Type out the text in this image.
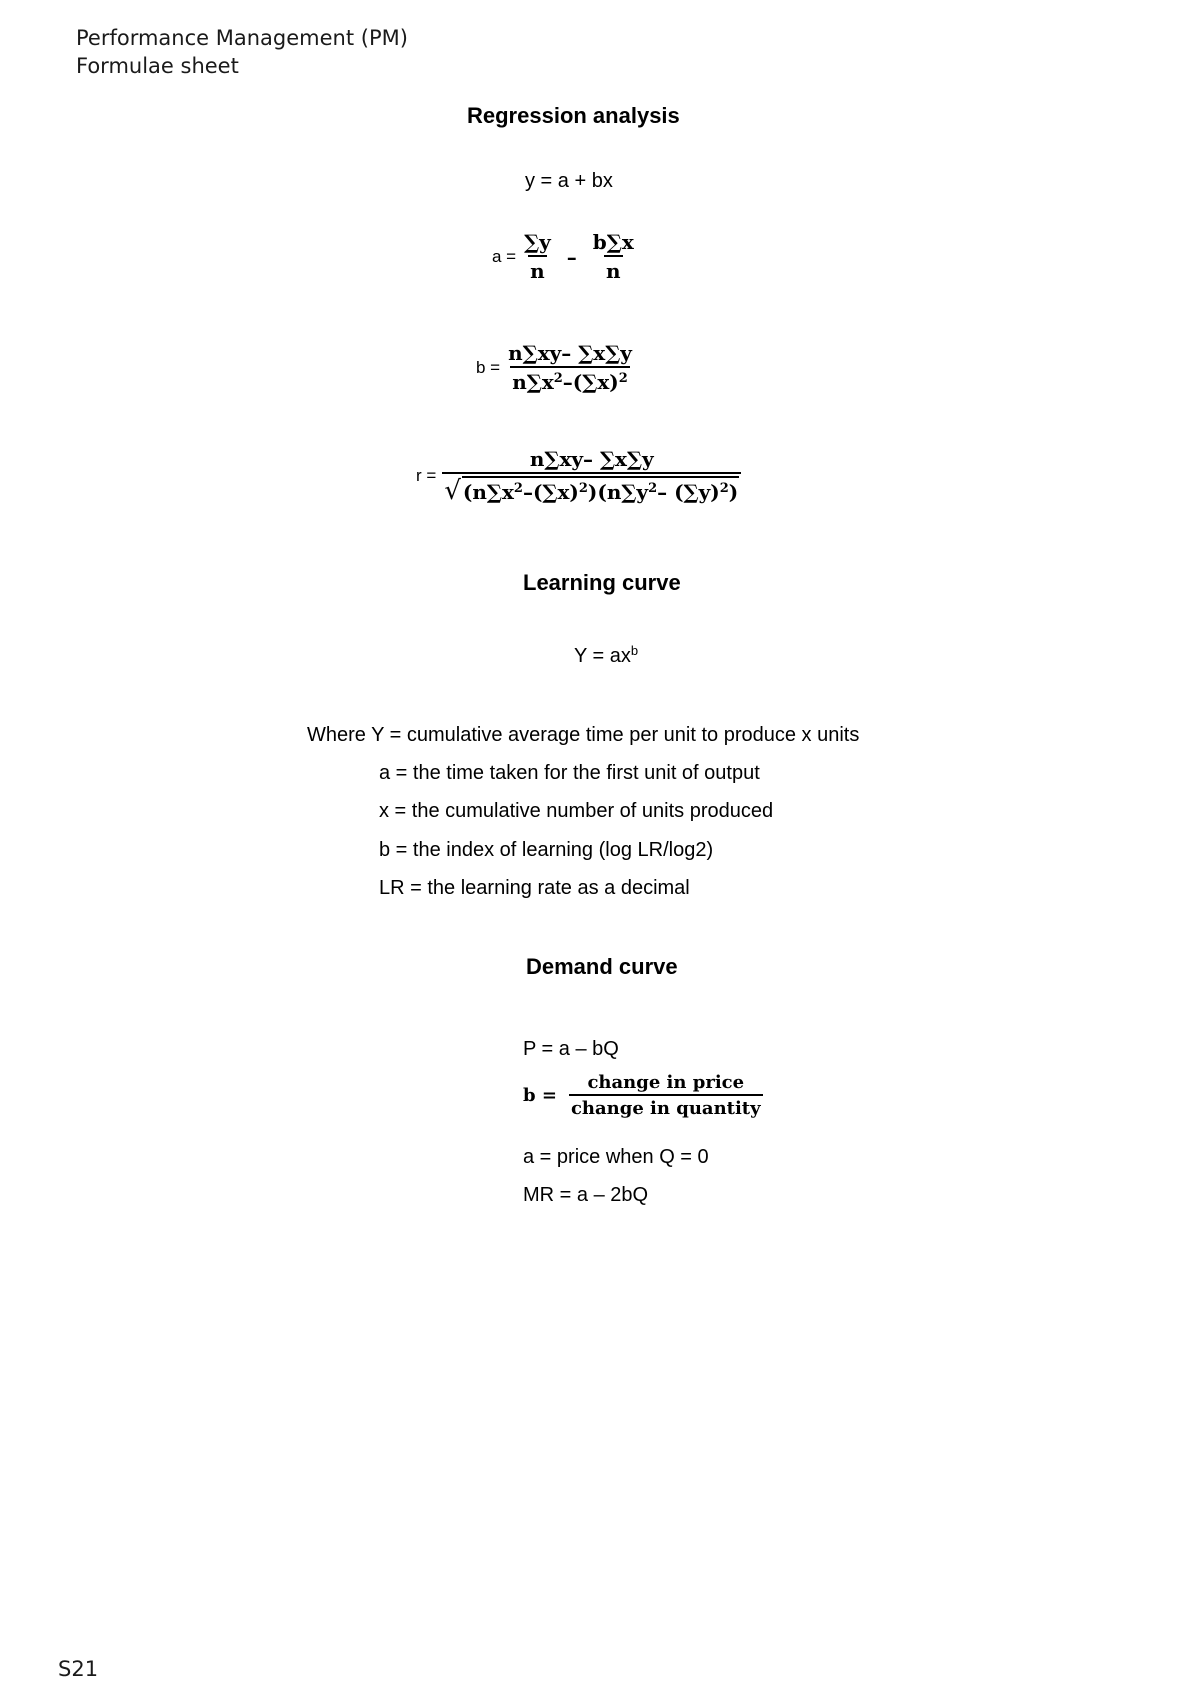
Performance Management (PM)
Formulae sheet
Regression analysis
y = a + bx
$a = \frac{\sum y}{n} - \frac{b\sum x}{n}$
$b = \frac{n\sum xy- \sum x\sum y}{n\sum x^2-(\sum x)^2}$
$r = \frac{n\sum xy- \sum x\sum y}{√ (n\sum x^2-(\sum x)^2)(n\sum y^2- (\sum y)^2)}$
Learning curve
$Y = ax^b$
Where Y = cumulative average time per unit to produce x units
a = the time taken for the first unit of output
x = the cumulative number of units produced
b = the index of learning (log LR/log2)
LR = the learning rate as a decimal
Demand curve
P = a – bQ
$b = \frac{\text{change in price}}{\text{change in quantity}}$
a = price when Q = 0
MR = a – 2bQ
S21
